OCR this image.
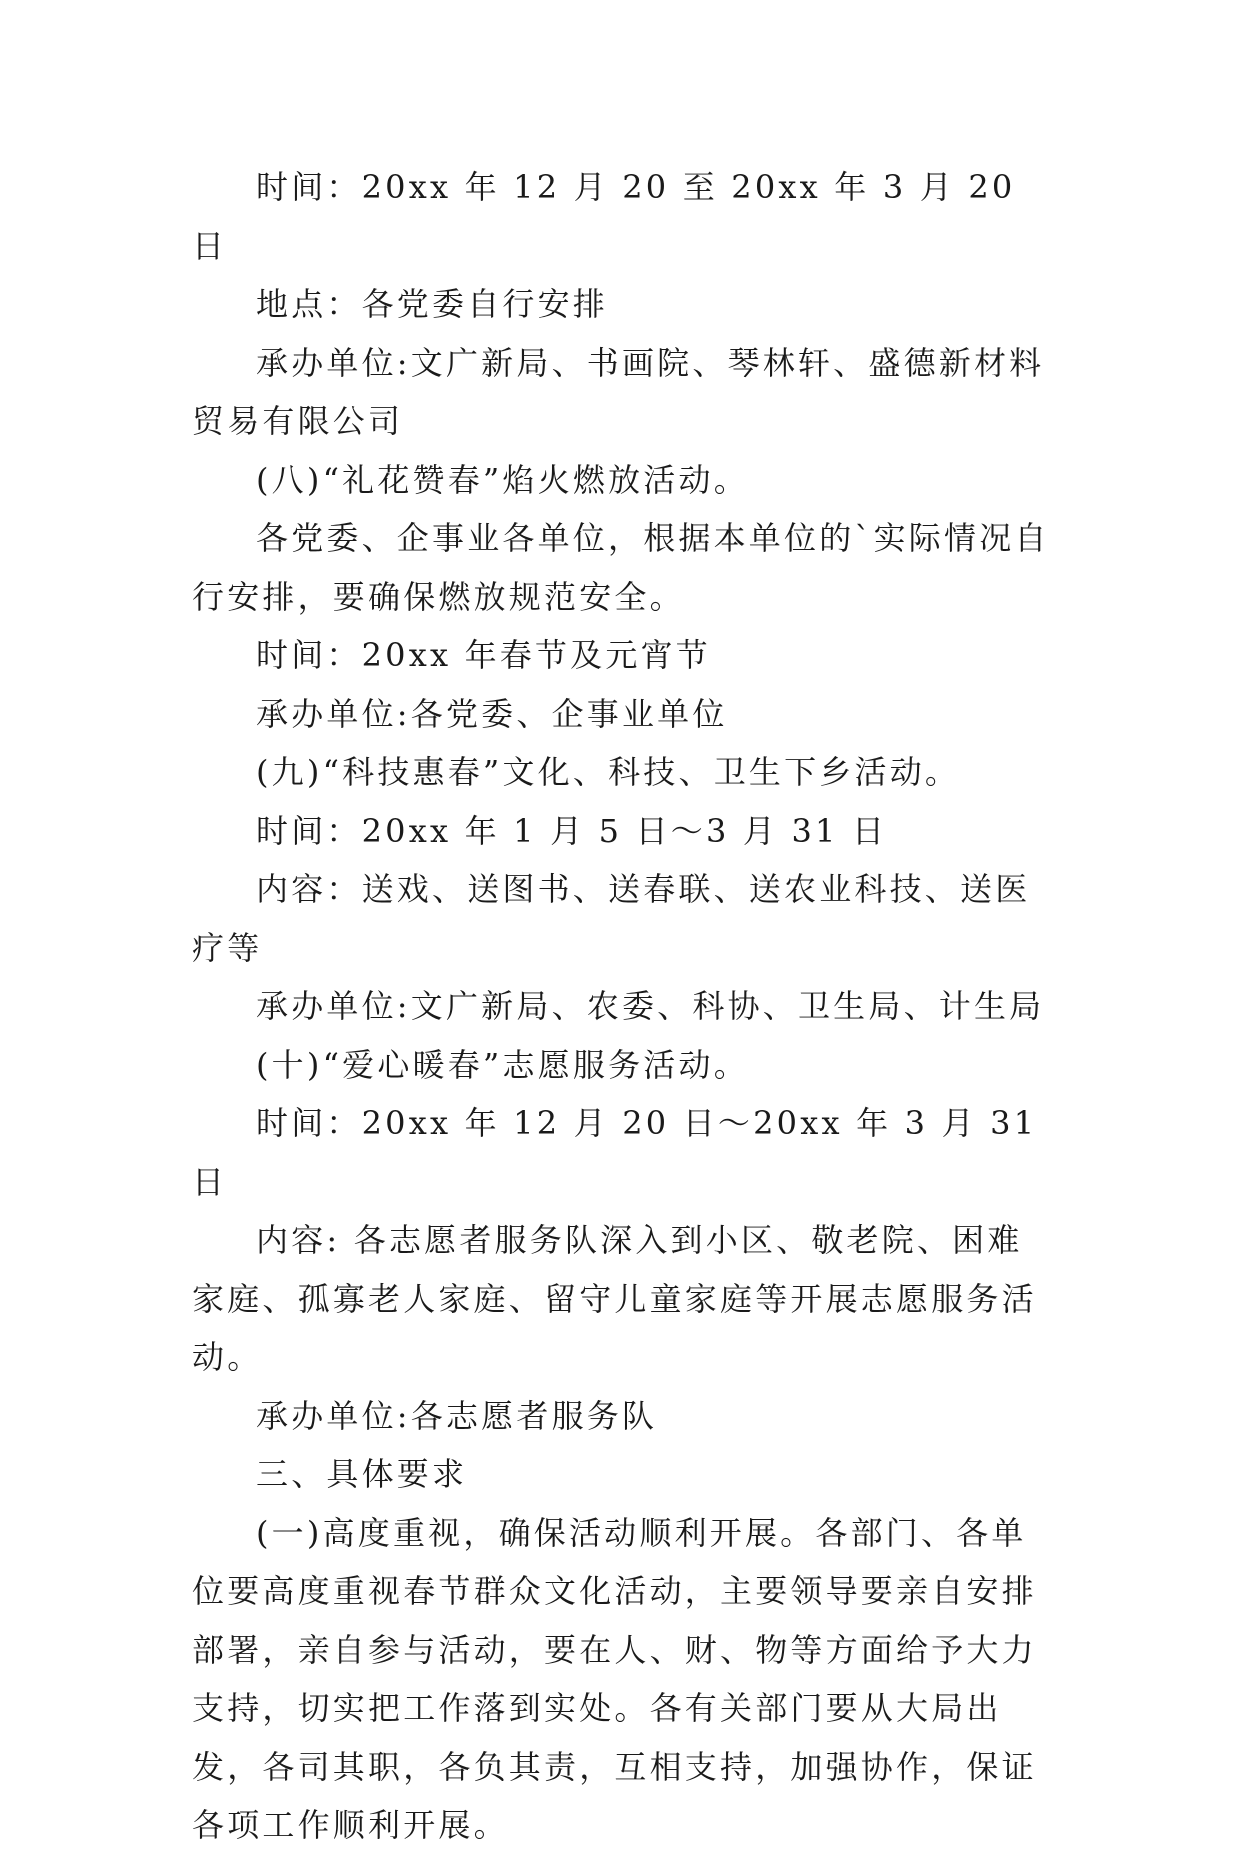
时间：20xx 年 12 月 20 至 20xx 年 3 月 20 日

地点：各党委自行安排

承办单位:文广新局、书画院、琴林轩、盛德新材料贸易有限公司

(八)“礼花赞春”焰火燃放活动。

各党委、企事业各单位，根据本单位的`实际情况自行安排，要确保燃放规范安全。

时间：20xx 年春节及元宵节

承办单位:各党委、企事业单位

(九)“科技惠春”文化、科技、卫生下乡活动。

时间：20xx 年 1 月 5 日～3 月 31 日

内容：送戏、送图书、送春联、送农业科技、送医疗等

承办单位:文广新局、农委、科协、卫生局、计生局

(十)“爱心暖春”志愿服务活动。

时间：20xx 年 12 月 20 日～20xx 年 3 月 31 日

内容: 各志愿者服务队深入到小区、敬老院、困难家庭、孤寡老人家庭、留守儿童家庭等开展志愿服务活动。

承办单位:各志愿者服务队

三、具体要求

(一)高度重视，确保活动顺利开展。各部门、各单位要高度重视春节群众文化活动，主要领导要亲自安排部署，亲自参与活动，要在人、财、物等方面给予大力支持，切实把工作落到实处。各有关部门要从大局出发，各司其职，各负其责，互相支持，加强协作，保证各项工作顺利开展。
